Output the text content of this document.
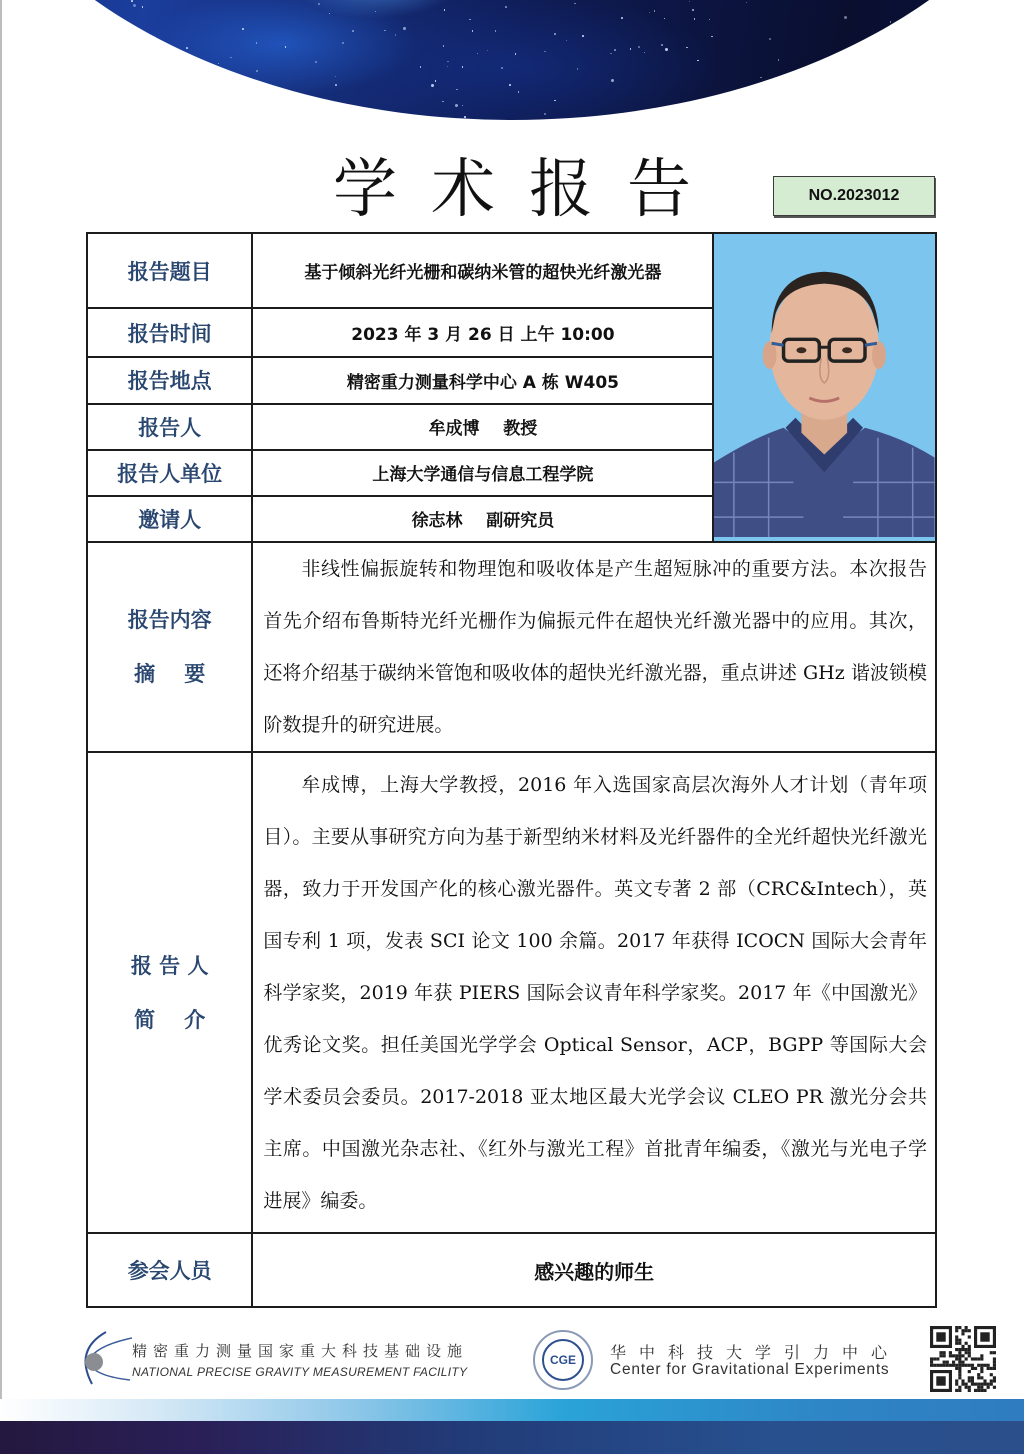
学术报告	NO.2023012
报告题目	基于倾斜光纤光栅和碳纳米管的超快光纤激光器	
报告时间	2023 年 3 月 26 日 上午 10:00	
报告地点	精密重力测量科学中心 A 栋 W405	
报告人	牟成博    教授	
报告人单位	上海大学通信与信息工程学院	
邀请人	徐志林    副研究员	

报告内容
摘    要	非线性偏振旋转和物理饱和吸收体是产生超短脉冲的重要方法。本次报告首先介绍布鲁斯特光纤光栅作为偏振元件在超快光纤激光器中的应用。其次，还将介绍基于碳纳米管饱和吸收体的超快光纤激光器，重点讲述 GHz 谐波锁模阶数提升的研究进展。	

报 告 人
简    介	牟成博，上海大学教授，2016 年入选国家高层次海外人才计划（青年项目）。主要从事研究方向为基于新型纳米材料及光纤器件的全光纤超快光纤激光器，致力于开发国产化的核心激光器件。英文专著 2 部（CRC&Intech），英国专利 1 项，发表 SCI 论文 100 余篇。2017 年获得 ICOCN 国际大会青年科学家奖，2019 年获 PIERS 国际会议青年科学家奖。2017 年《中国激光》优秀论文奖。担任美国光学学会 Optical Sensor，ACP，BGPP 等国际大会学术委员会委员。2017-2018 亚太地区最大光学会议 CLEO PR 激光分会共主席。中国激光杂志社、《红外与激光工程》首批青年编委，《激光与光电子学进展》编委。	

参会人员	感兴趣的师生	
精密重力测量国家重大科技基础设施
NATIONAL PRECISE GRAVITY MEASUREMENT FACILITY
CGE	华中科技大学引力中心
Center for Gravitational Experiments
